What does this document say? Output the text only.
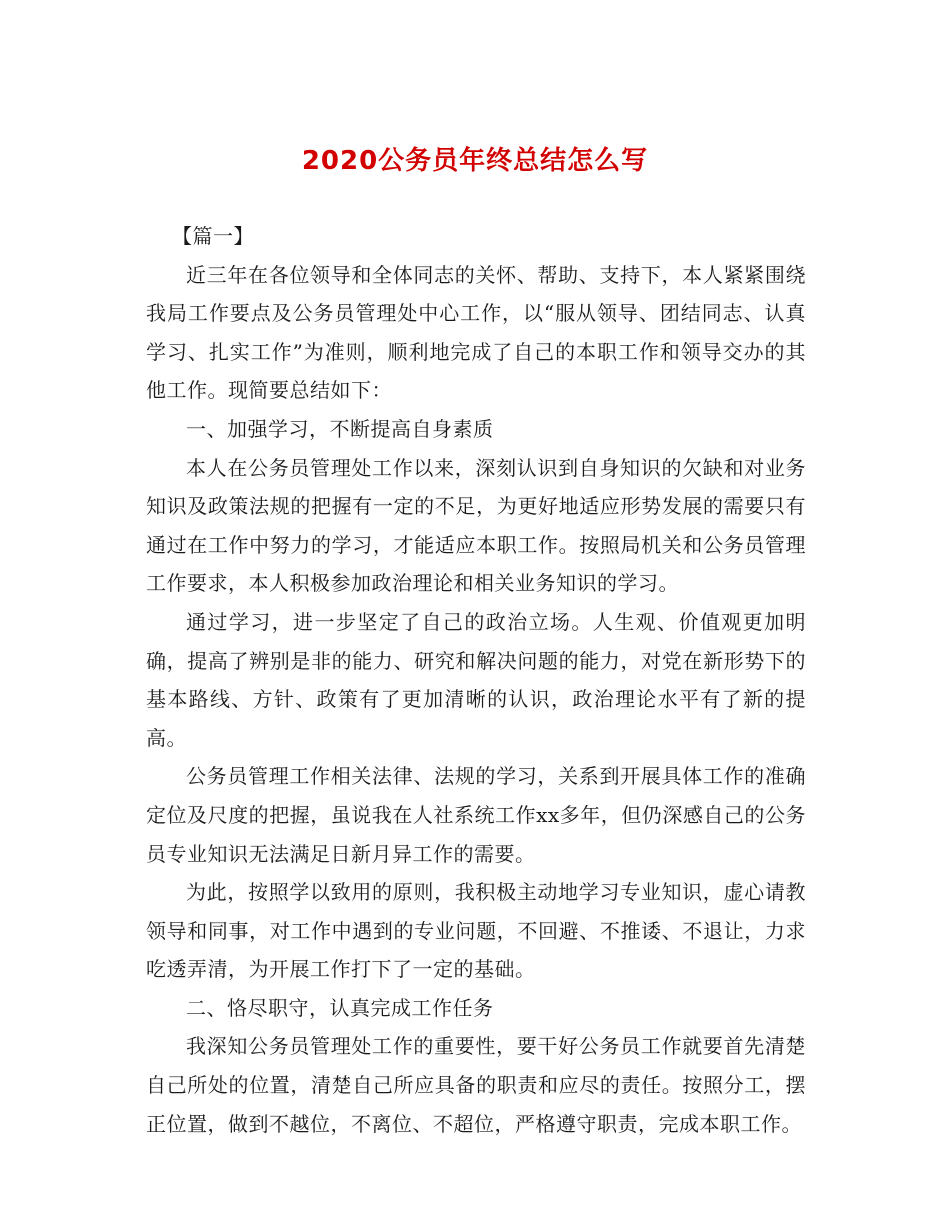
2020公务员年终总结怎么写

【篇一】

近三年在各位领导和全体同志的关怀、帮助、支持下，本人紧紧围绕我局工作要点及公务员管理处中心工作，以“服从领导、团结同志、认真学习、扎实工作”为准则，顺利地完成了自己的本职工作和领导交办的其他工作。现简要总结如下：

一、加强学习，不断提高自身素质

本人在公务员管理处工作以来，深刻认识到自身知识的欠缺和对业务知识及政策法规的把握有一定的不足，为更好地适应形势发展的需要只有通过在工作中努力的学习，才能适应本职工作。按照局机关和公务员管理工作要求，本人积极参加政治理论和相关业务知识的学习。

通过学习，进一步坚定了自己的政治立场。人生观、价值观更加明确，提高了辨别是非的能力、研究和解决问题的能力，对党在新形势下的基本路线、方针、政策有了更加清晰的认识，政治理论水平有了新的提高。

公务员管理工作相关法律、法规的学习，关系到开展具体工作的准确定位及尺度的把握，虽说我在人社系统工作xx多年，但仍深感自己的公务员专业知识无法满足日新月异工作的需要。

为此，按照学以致用的原则，我积极主动地学习专业知识，虚心请教领导和同事，对工作中遇到的专业问题，不回避、不推诿、不退让，力求吃透弄清，为开展工作打下了一定的基础。

二、恪尽职守，认真完成工作任务

我深知公务员管理处工作的重要性，要干好公务员工作就要首先清楚自己所处的位置，清楚自己所应具备的职责和应尽的责任。按照分工，摆正位置，做到不越位，不离位、不超位，严格遵守职责，完成本职工作。
